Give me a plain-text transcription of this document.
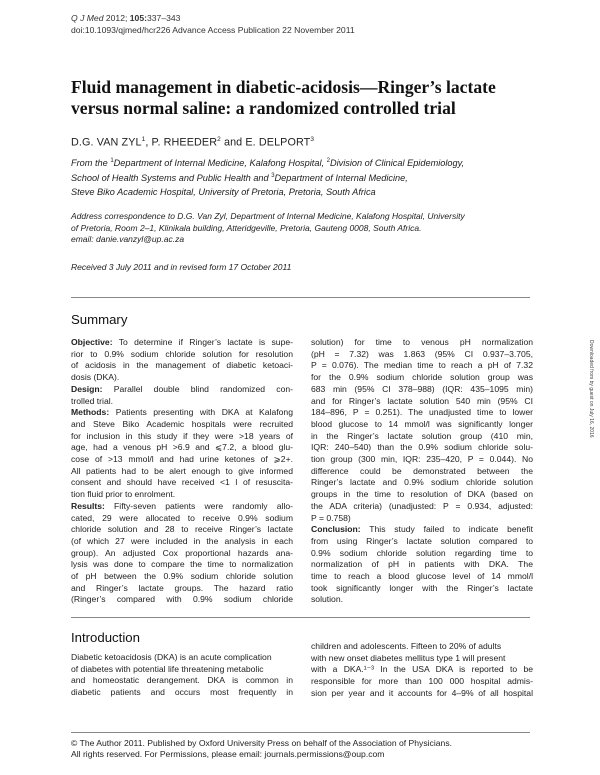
Q J Med 2012; 105:337–343
doi:10.1093/qjmed/hcr226 Advance Access Publication 22 November 2011
Fluid management in diabetic-acidosis—Ringer’s lactate
versus normal saline: a randomized controlled trial
D.G. VAN ZYL$^1$, P. RHEEDER$^2$ and E. DELPORT$^3$
From the $^1$Department of Internal Medicine, Kalafong Hospital, $^2$Division of Clinical Epidemiology,
School of Health Systems and Public Health and $^3$Department of Internal Medicine,
Steve Biko Academic Hospital, University of Pretoria, Pretoria, South Africa
Address correspondence to D.G. Van Zyl, Department of Internal Medicine, Kalafong Hospital, University
of Pretoria, Room 2–1, Klinikala building, Atteridgeville, Pretoria, Gauteng 0008, South Africa.
email: danie.vanzyl@up.ac.za
Received 3 July 2011 and in revised form 17 October 2011
Summary
Objective: To determine if Ringer’s lactate is supe-
rior to 0.9% sodium chloride solution for resolution
of acidosis in the management of diabetic ketoaci-
dosis (DKA).
Design: Parallel double blind randomized con-
trolled trial.
Methods: Patients presenting with DKA at Kalafong
and Steve Biko Academic hospitals were recruited
for inclusion in this study if they were >18 years of
age, had a venous pH >6.9 and ⩽7.2, a blood glu-
cose of >13 mmol/l and had urine ketones of ⩾2+.
All patients had to be alert enough to give informed
consent and should have received <1 l of resuscita-
tion fluid prior to enrolment.
Results: Fifty-seven patients were randomly allo-
cated, 29 were allocated to receive 0.9% sodium
chloride solution and 28 to receive Ringer’s lactate
(of which 27 were included in the analysis in each
group). An adjusted Cox proportional hazards ana-
lysis was done to compare the time to normalization
of pH between the 0.9% sodium chloride solution
and Ringer’s lactate groups. The hazard ratio
(Ringer’s compared with 0.9% sodium chloride
solution) for time to venous pH normalization
(pH = 7.32) was 1.863 (95% CI 0.937–3.705,
P = 0.076). The median time to reach a pH of 7.32
for the 0.9% sodium chloride solution group was
683 min (95% CI 378–988) (IQR: 435–1095 min)
and for Ringer’s lactate solution 540 min (95% CI
184–896, P = 0.251). The unadjusted time to lower
blood glucose to 14 mmol/l was significantly longer
in the Ringer’s lactate solution group (410 min,
IQR: 240–540) than the 0.9% sodium chloride solu-
tion group (300 min, IQR: 235–420, P = 0.044). No
difference could be demonstrated between the
Ringer’s lactate and 0.9% sodium chloride solution
groups in the time to resolution of DKA (based on
the ADA criteria) (unadjusted: P = 0.934, adjusted:
P = 0.758)
Conclusion: This study failed to indicate benefit
from using Ringer’s lactate solution compared to
0.9% sodium chloride solution regarding time to
normalization of pH in patients with DKA. The
time to reach a blood glucose level of 14 mmol/l
took significantly longer with the Ringer’s lactate
solution.
Introduction
Diabetic ketoacidosis (DKA) is an acute complication
of diabetes with potential life threatening metabolic
and homeostatic derangement. DKA is common in
diabetic patients and occurs most frequently in
children and adolescents. Fifteen to 20% of adults
with new onset diabetes mellitus type 1 will present
with a DKA.¹⁻³ In the USA DKA is reported to be
responsible for more than 100 000 hospital admis-
sion per year and it accounts for 4–9% of all hospital
Downloaded from by guest on July 16, 2016
© The Author 2011. Published by Oxford University Press on behalf of the Association of Physicians.
All rights reserved. For Permissions, please email: journals.permissions@oup.com
